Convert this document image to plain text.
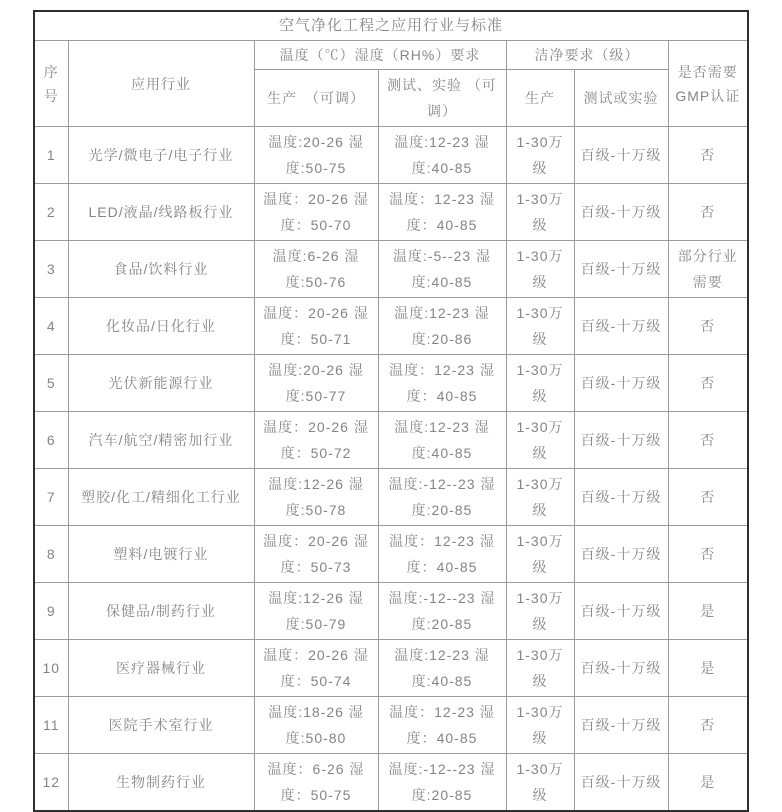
空气净化工程之应用行业与标准						
序号	应用行业	温度（℃）湿度（RH%）要求		洁净要求（级）		是否需要GMP认证
		生产　（可调）	测试、实验 （可调）	生产	测试或实验	
1	光学/微电子/电子行业	温度:20-26 湿度:50-75	温度:12-23 湿度:40-85	1-30万级	百级-十万级	否
2	LED/液晶/线路板行业	温度：20-26 湿度：50-70	温度：12-23 湿度：40-85	1-30万级	百级-十万级	否
3	食品/饮料行业	温度:6-26 湿度:50-76	温度:-5--23 湿度:40-85	1-30万级	百级-十万级	部分行业需要
4	化妆品/日化行业	温度：20-26 湿度：50-71	温度:12-23 湿度:20-86	1-30万级	百级-十万级	否
5	光伏新能源行业	温度:20-26 湿度:50-77	温度：12-23 湿度：40-85	1-30万级	百级-十万级	否
6	汽车/航空/精密加行业	温度：20-26 湿度：50-72	温度:12-23 湿度:40-85	1-30万级	百级-十万级	否
7	塑胶/化工/精细化工行业	温度:12-26 湿度:50-78	温度:-12--23 湿度:20-85	1-30万级	百级-十万级	否
8	塑料/电镀行业	温度：20-26 湿度：50-73	温度：12-23 湿度：40-85	1-30万级	百级-十万级	否
9	保健品/制药行业	温度:12-26 湿度:50-79	温度:-12--23 湿度:20-85	1-30万级	百级-十万级	是
10	医疗器械行业	温度：20-26 湿度：50-74	温度:12-23 湿度:40-85	1-30万级	百级-十万级	是
11	医院手术室行业	温度:18-26 湿度:50-80	温度：12-23 湿度：40-85	1-30万级	百级-十万级	否
12	生物制药行业	温度：6-26 湿度：50-75	温度:-12--23 湿度:20-85	1-30万级	百级-十万级	是
